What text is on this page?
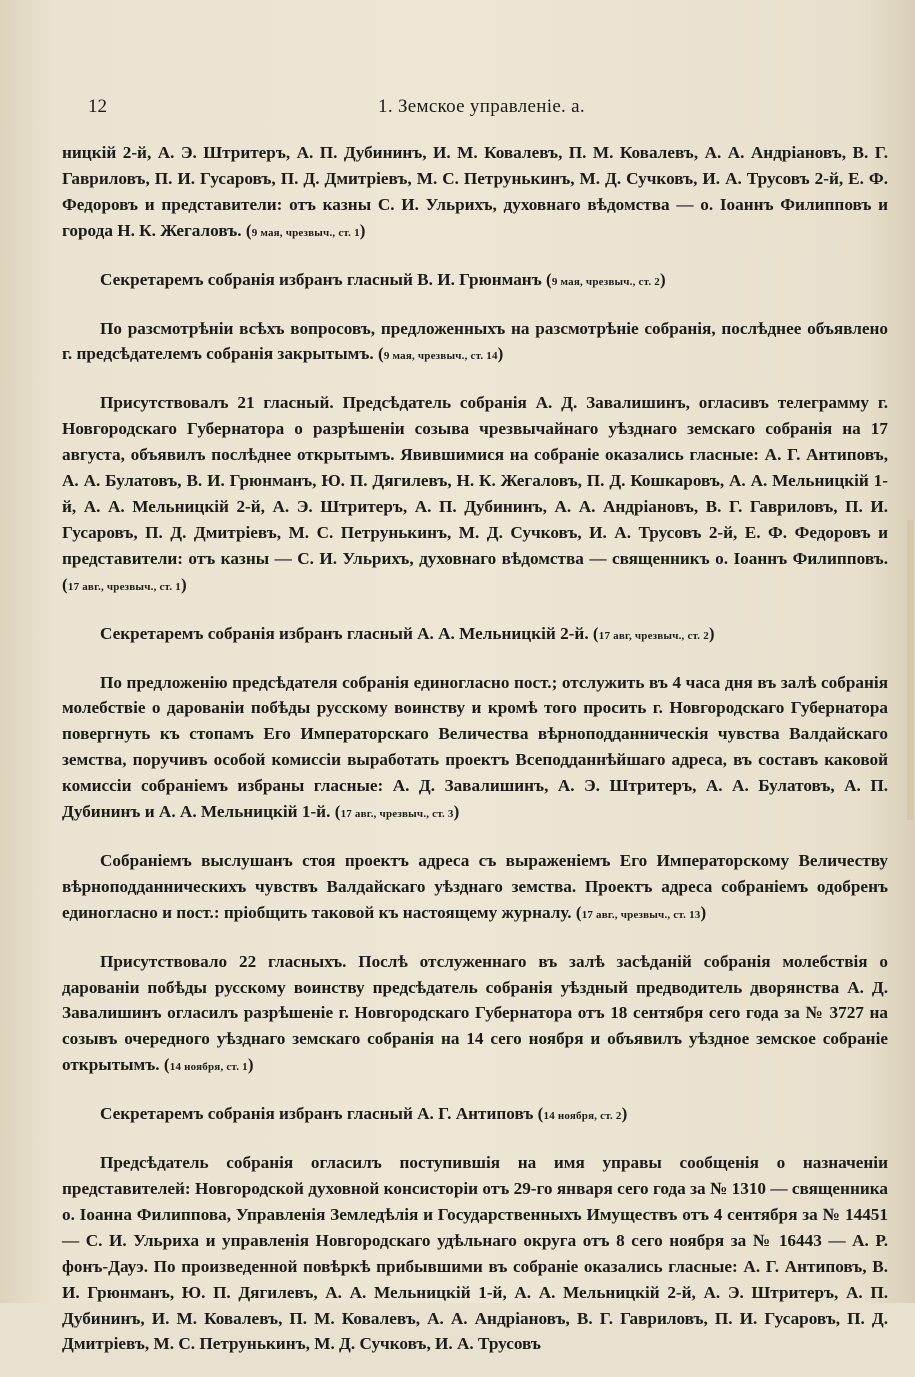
12	1. Земское управленіе. а.

ницкій 2-й, А. Э. Штритеръ, А. П. Дубининъ, И. М. Ковалевъ, П. М. Ковалевъ, А. А. Андріановъ, В. Г. Гавриловъ, П. И. Гусаровъ, П. Д. Дмитріевъ, М. С. Петрунькинъ, М. Д. Сучковъ, И. А. Трусовъ 2-й, Е. Ф. Федоровъ и представители: отъ казны С. И. Ульрихъ, духовнаго вѣдомства — о. Іоаннъ Филипповъ и города Н. К. Жегаловъ. ( 9 мая, чрезвыч., ст. 1 )

Секретаремъ собранія избранъ гласный В. И. Грюнманъ ( 9 мая, чрезвыч., ст. 2 )

По разсмотрѣніи всѣхъ вопросовъ, предложенныхъ на разсмотрѣніе собранія, послѣднее объявлено г. предсѣдателемъ собранія закрытымъ. ( 9 мая, чрезвыч., ст. 14 )

Присутствовалъ 21 гласный. Предсѣдатель собранія А. Д. Завалишинъ, огласивъ телеграмму г. Новгородскаго Губернатора о разрѣшеніи созыва чрезвычайнаго уѣзднаго земскаго собранія на 17 августа, объявилъ послѣднее открытымъ. Явившимися на собраніе оказались гласные: А. Г. Антиповъ, А. А. Булатовъ, В. И. Грюнманъ, Ю. П. Дягилевъ, Н. К. Жегаловъ, П. Д. Кошкаровъ, А. А. Мельницкій 1-й, А. А. Мельницкій 2-й, А. Э. Штритеръ, А. П. Дубининъ, А. А. Андріановъ, В. Г. Гавриловъ, П. И. Гусаровъ, П. Д. Дмитріевъ, М. С. Петрунькинъ, М. Д. Сучковъ, И. А. Трусовъ 2-й, Е. Ф. Федоровъ и представители: отъ казны — С. И. Ульрихъ, духовнаго вѣдомства — священникъ о. Іоаннъ Филипповъ. ( 17 авг., чрезвыч., ст. 1 )

Секретаремъ собранія избранъ гласный А. А. Мельницкій 2-й. ( 17 авг, чрезвыч., ст. 2 )

По предложенію предсѣдателя собранія единогласно пост.; отслужить въ 4 часа дня въ залѣ собранія молебствіе о дарованіи побѣды русскому воинству и кромѣ того просить г. Новгородскаго Губернатора повергнуть къ стопамъ Его Императорскаго Величества вѣрноподданническія чувства Валдайскаго земства, поручивъ особой комиссіи выработать проектъ Всеподданнѣйшаго адреса, въ составъ каковой комиссіи собраніемъ избраны гласные: А. Д. Завалишинъ, А. Э. Штритеръ, А. А. Булатовъ, А. П. Дубининъ и А. А. Мельницкій 1-й. ( 17 авг., чрезвыч., ст. 3 )

Собраніемъ выслушанъ стоя проектъ адреса съ выраженіемъ Его Императорскому Величеству вѣрноподданническихъ чувствъ Валдайскаго уѣзднаго земства. Проектъ адреса собраніемъ одобренъ единогласно и пост.: пріобщить таковой къ настоящему журналу. ( 17 авг., чрезвыч., ст. 13 )

Присутствовало 22 гласныхъ. Послѣ отслуженнаго въ залѣ засѣданій собранія молебствія о дарованіи побѣды русскому воинству предсѣдатель собранія уѣздный предводитель дворянства А. Д. Завалишинъ огласилъ разрѣшеніе г. Новгородскаго Губернатора отъ 18 сентября сего года за № 3727 на созывъ очередного уѣзднаго земскаго собранія на 14 сего ноября и объявилъ уѣздное земское собраніе открытымъ. ( 14 ноября, ст. 1 )

Секретаремъ собранія избранъ гласный А. Г. Антиповъ ( 14 ноября, ст. 2 )

Предсѣдатель собранія огласилъ поступившія на имя управы сообщенія о назначеніи представителей: Новгородской духовной консисторіи отъ 29-го января сего года за № 1310 — священника о. Іоанна Филиппова, Управленія Земледѣлія и Государственныхъ Имуществъ отъ 4 сентября за № 14451 — С. И. Ульриха и управленія Новгородскаго удѣльнаго округа отъ 8 сего ноября за № 16443 — А. Р. фонъ-Дауэ. По произведенной повѣркѣ прибывшими въ собраніе оказались гласные: А. Г. Антиповъ, В. И. Грюнманъ, Ю. П. Дягилевъ, А. А. Мельницкій 1-й, А. А. Мельницкій 2-й, А. Э. Штритеръ, А. П. Дубининъ, И. М. Ковалевъ, П. М. Ковалевъ, А. А. Андріановъ, В. Г. Гавриловъ, П. И. Гусаровъ, П. Д. Дмитріевъ, М. С. Петрунькинъ, М. Д. Сучковъ, И. А. Трусовъ
